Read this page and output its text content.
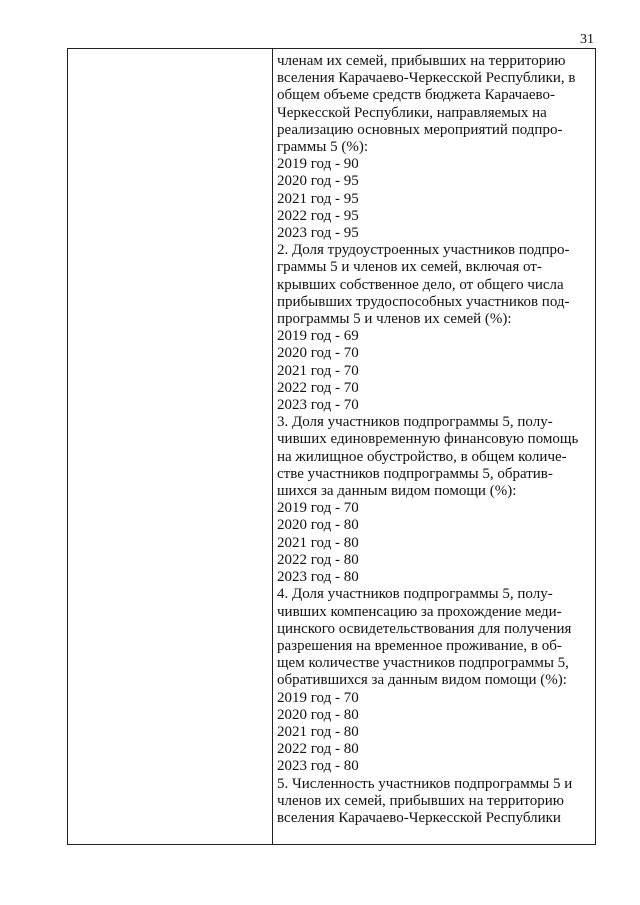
31
членам их семей, прибывших на территорию
вселения Карачаево-Черкесской Республики, в
общем объеме средств бюджета Карачаево-
Черкесской Республики, направляемых на
реализацию основных мероприятий подпро-
граммы 5 (%):
2019 год - 90
2020 год - 95
2021 год - 95
2022 год - 95
2023 год - 95
2. Доля трудоустроенных участников подпро-
граммы 5 и членов их семей, включая от-
крывших собственное дело, от общего числа
прибывших трудоспособных участников под-
программы 5 и членов их семей (%):
2019 год - 69
2020 год - 70
2021 год - 70
2022 год - 70
2023 год - 70
3. Доля участников подпрограммы 5, полу-
чивших единовременную финансовую помощь
на жилищное обустройство, в общем количе-
стве участников подпрограммы 5, обратив-
шихся за данным видом помощи (%):
2019 год - 70
2020 год - 80
2021 год - 80
2022 год - 80
2023 год - 80
4. Доля участников подпрограммы 5, полу-
чивших компенсацию за прохождение меди-
цинского освидетельствования для получения
разрешения на временное проживание, в об-
щем количестве участников подпрограммы 5,
обратившихся за данным видом помощи (%):
2019 год - 70
2020 год - 80
2021 год - 80
2022 год - 80
2023 год - 80
5. Численность участников подпрограммы 5 и
членов их семей, прибывших на территорию
вселения Карачаево-Черкесской Республики
